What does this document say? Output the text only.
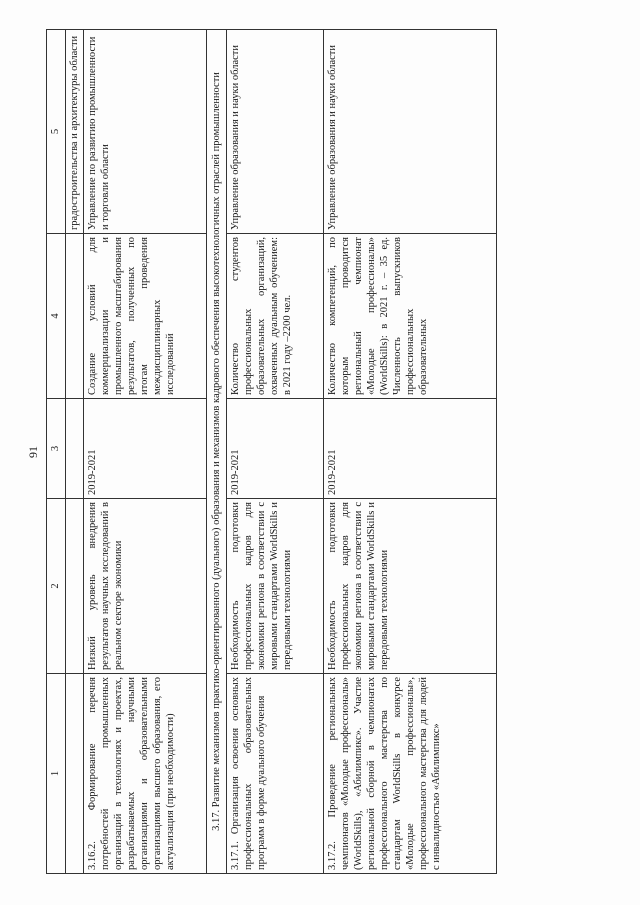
91
1	2	3	4	5
				градостроительства и архитектуры области
3.16.2. Формирование перечня потребностей промышленных организаций в технологиях и проектах, разрабатываемых научными организациями и образовательными организациями высшего образования, его актуализация (при необходимости)	Низкий уровень внедрения результатов научных исследований в реальном секторе экономики	2019-2021	Создание условий для коммерциализации и промышленного масштабирования результатов, полученных по итогам проведения междисциплинарных исследований	Управление по развитию промышленности и торговли области
3.17. Развитие механизмов практико-ориентированного (дуального) образования и механизмов кадрового обеспечения высокотехнологичных отраслей промышленности				
3.17.1. Организация освоения основных профессиональных образовательных программ в форме дуального обучения	Необходимость подготовки профессиональных кадров для экономики региона в соответствии с мировыми стандартами WorldSkills и передовыми технологиями	2019-2021	Количество студентов профессиональных образовательных организаций, охваченных дуальным обучением: в 2021 году –2200 чел.	Управление образования и науки области
3.17.2. Проведение региональных чемпионатов «Молодые профессионалы» (WorldSkills), «Абилимпикс». Участие региональной сборной в чемпионатах профессионального мастерства по стандартам WorldSkills в конкурсе «Молодые профессионалы», профессионального мастерства для людей с инвалидностью «Абилимпикс»	Необходимость подготовки профессиональных кадров для экономики региона в соответствии с мировыми стандартами WorldSkills и передовыми технологиями	2019-2021	Количество компетенций, по которым проводится региональный чемпионат «Молодые профессионалы» (WorldSkills): в 2021 г. – 35 ед. Численность выпускников профессиональных образовательных	Управление образования и науки области
